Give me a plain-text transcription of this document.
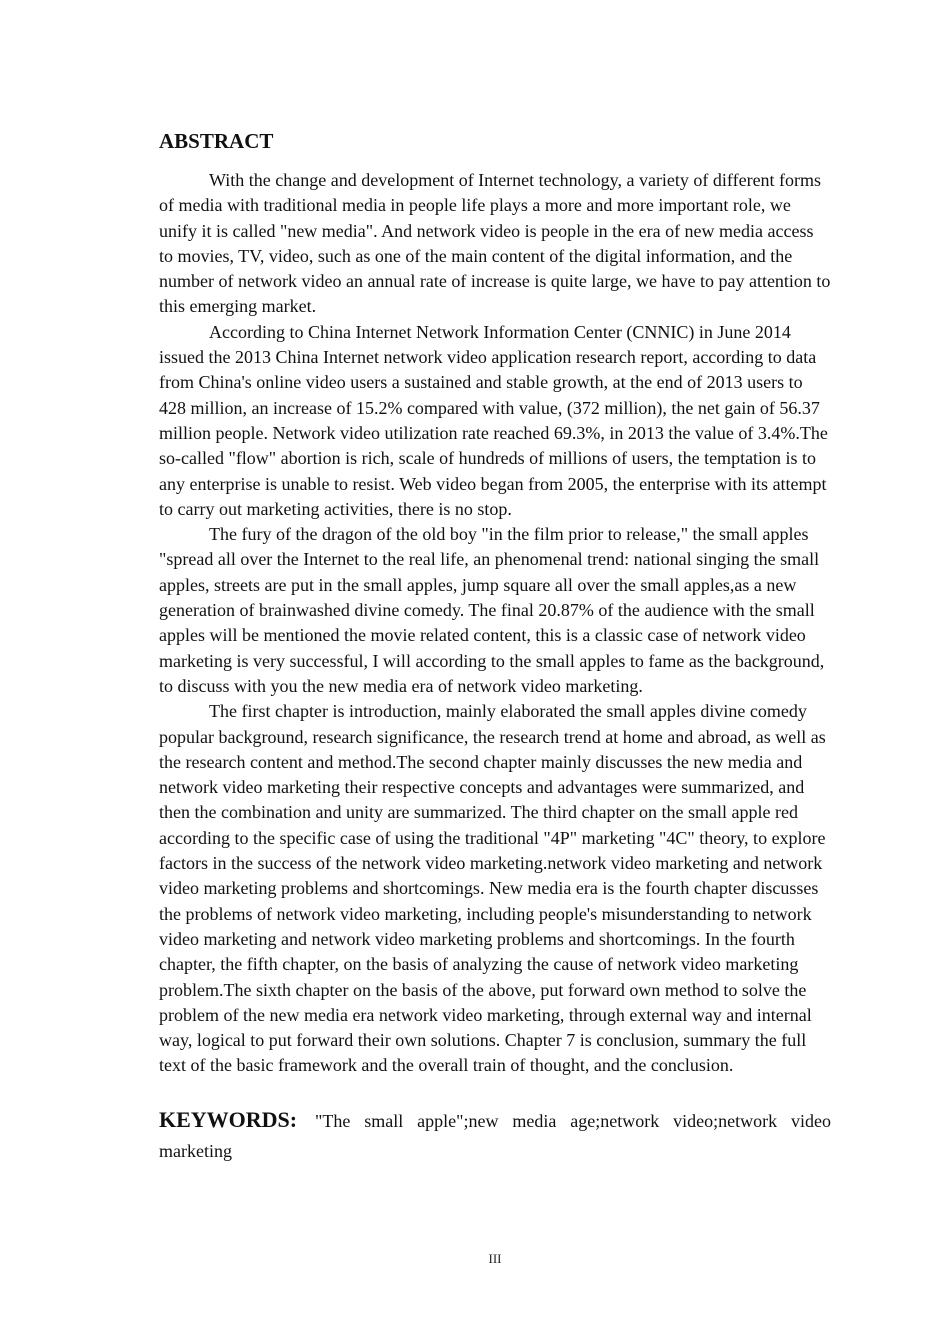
ABSTRACT

With the change and development of Internet technology, a variety of different forms of media with traditional media in people life plays a more and more important role, we unify it is called "new media". And network video is people in the era of new media access to movies, TV, video, such as one of the main content of the digital information, and the number of network video an annual rate of increase is quite large, we have to pay attention to this emerging market.

According to China Internet Network Information Center (CNNIC) in June 2014 issued the 2013 China Internet network video application research report, according to data from China's online video users a sustained and stable growth, at the end of 2013 users to 428 million, an increase of 15.2% compared with value, (372 million), the net gain of 56.37 million people. Network video utilization rate reached 69.3%, in 2013 the value of 3.4%.The so-called "flow" abortion is rich, scale of hundreds of millions of users, the temptation is to any enterprise is unable to resist. Web video began from 2005, the enterprise with its attempt to carry out marketing activities, there is no stop.

The fury of the dragon of the old boy "in the film prior to release," the small apples "spread all over the Internet to the real life, an phenomenal trend: national singing the small apples, streets are put in the small apples, jump square all over the small apples,as a new generation of brainwashed divine comedy. The final 20.87% of the audience with the small apples will be mentioned the movie related content, this is a classic case of network video marketing is very successful, I will according to the small apples to fame as the background, to discuss with you the new media era of network video marketing.

The first chapter is introduction, mainly elaborated the small apples divine comedy popular background, research significance, the research trend at home and abroad, as well as the research content and method.The second chapter mainly discusses the new media and network video marketing their respective concepts and advantages were summarized, and then the combination and unity are summarized. The third chapter on the small apple red according to the specific case of using the traditional "4P" marketing "4C" theory, to explore factors in the success of the network video marketing.network video marketing and network video marketing problems and shortcomings. New media era is the fourth chapter discusses the problems of network video marketing, including people's misunderstanding to network video marketing and network video marketing problems and shortcomings. In the fourth chapter, the fifth chapter, on the basis of analyzing the cause of network video marketing problem.The sixth chapter on the basis of the above, put forward own method to solve the problem of the new media era network video marketing, through external way and internal way, logical to put forward their own solutions. Chapter 7 is conclusion, summary the full text of the basic framework and the overall train of thought, and the conclusion.

KEYWORDS: "The small apple";new media age;network video;network video marketing
III
